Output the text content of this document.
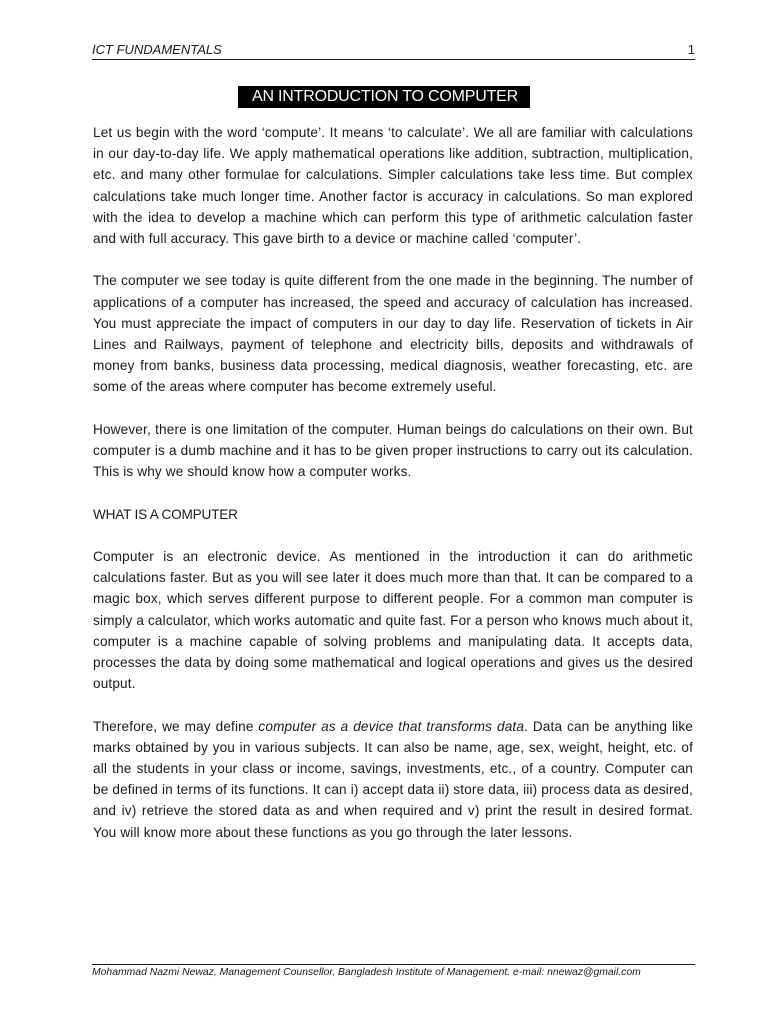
ICT FUNDAMENTALS	1
AN INTRODUCTION TO COMPUTER

Let us begin with the word ‘compute’. It means ‘to calculate’. We all are familiar with calculations in our day-to-day life. We apply mathematical operations like addition, subtraction, multiplication, etc. and many other formulae for calculations. Simpler calculations take less time. But complex calculations take much longer time. Another factor is accuracy in calculations. So man explored with the idea to develop a machine which can perform this type of arithmetic calculation faster and with full accuracy. This gave birth to a device or machine called ‘computer’.

The computer we see today is quite different from the one made in the beginning. The number of applications of a computer has increased, the speed and accuracy of calculation has increased. You must appreciate the impact of computers in our day to day life. Reservation of tickets in Air Lines and Railways, payment of telephone and electricity bills, deposits and withdrawals of money from banks, business data processing, medical diagnosis, weather forecasting, etc. are some of the areas where computer has become extremely useful.

However, there is one limitation of the computer. Human beings do calculations on their own. But computer is a dumb machine and it has to be given proper instructions to carry out its calculation. This is why we should know how a computer works.

WHAT IS A COMPUTER

Computer is an electronic device. As mentioned in the introduction it can do arithmetic calculations faster. But as you will see later it does much more than that. It can be compared to a magic box, which serves different purpose to different people. For a common man computer is simply a calculator, which works automatic and quite fast. For a person who knows much about it, computer is a machine capable of solving problems and manipulating data. It accepts data, processes the data by doing some mathematical and logical operations and gives us the desired output.

Therefore, we may define computer as a device that transforms data. Data can be anything like marks obtained by you in various subjects. It can also be name, age, sex, weight, height, etc. of all the students in your class or income, savings, investments, etc., of a country. Computer can be defined in terms of its functions. It can i) accept data ii) store data, iii) process data as desired, and iv) retrieve the stored data as and when required and v) print the result in desired format. You will know more about these functions as you go through the later lessons.

Mohammad Nazmi Newaz, Management Counsellor, Bangladesh Institute of Management. e-mail: nnewaz@gmail.com
